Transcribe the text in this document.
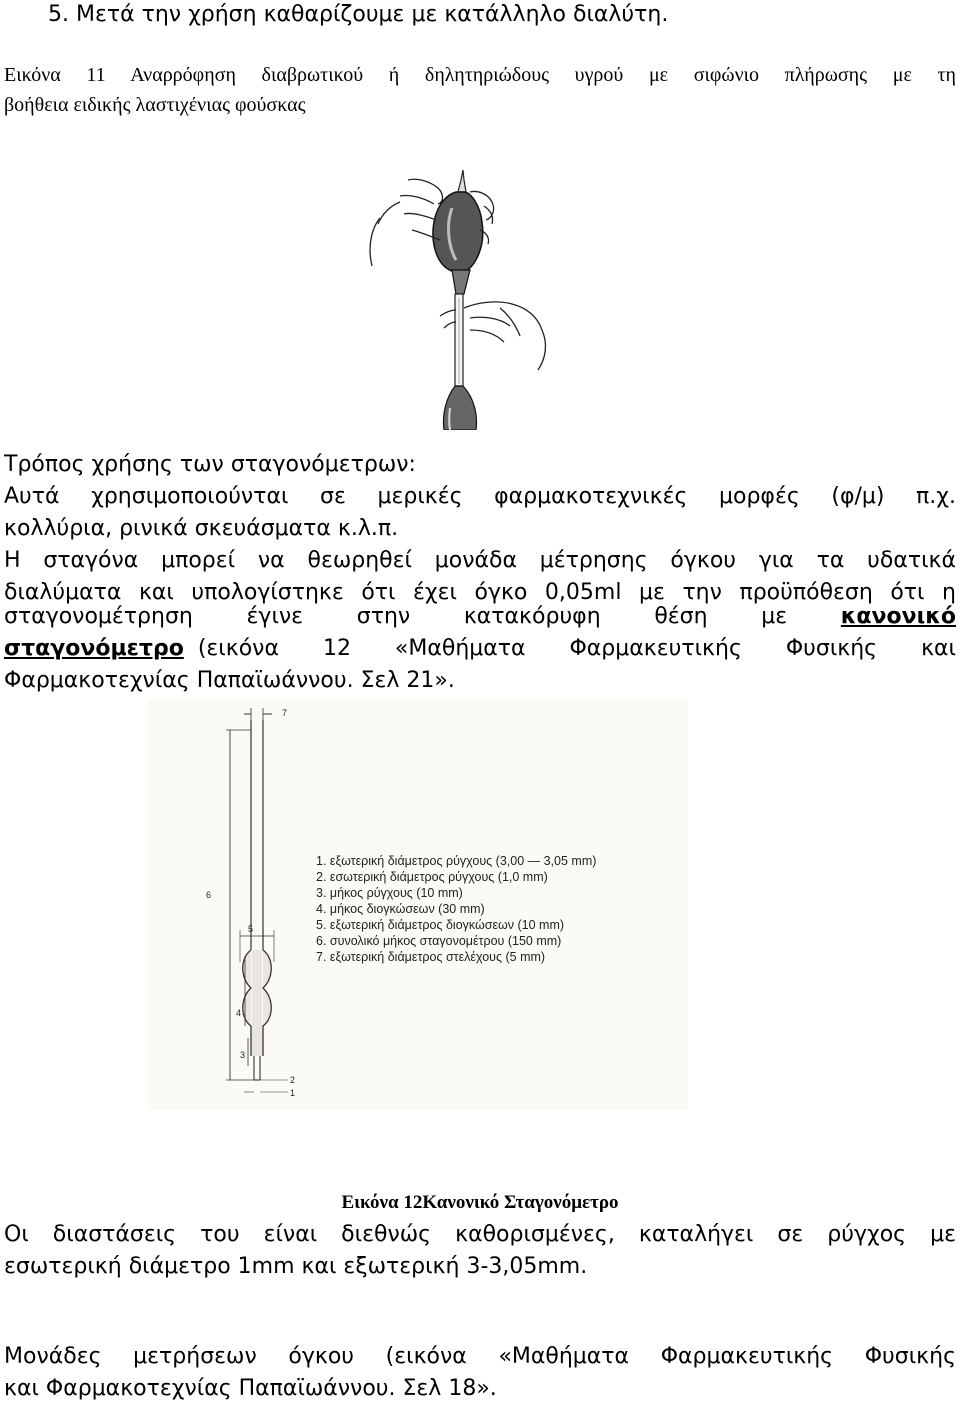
5. Μετά την χρήση καθαρίζουμε με κατάλληλο διαλύτη.
Εικόνα 11 Αναρρόφηση διαβρωτικού ή δηλητηριώδους υγρού με σιφώνιο πλήρωσης με τη
βοήθεια ειδικής λαστιχένιας φούσκας
Τρόπος χρήσης των σταγονόμετρων:
Αυτά χρησιμοποιούνται σε μερικές φαρμακοτεχνικές μορφές (φ/μ) π.χ.
κολλύρια, ρινικά σκευάσματα κ.λ.π.
Η σταγόνα μπορεί να θεωρηθεί μονάδα μέτρησης όγκου για τα υδατικά
διαλύματα και υπολογίστηκε ότι έχει όγκο 0,05ml με την προϋπόθεση ότι η
σταγονομέτρηση έγινε στην κατακόρυφη θέση με κανονικό
σταγονόμετρο (εικόνα 12 «Μαθήματα Φαρμακευτικής Φυσικής και
Φαρμακοτεχνίας Παπαϊωάννου. Σελ 21».
7
6
5
4
3
2
1
1. εξωτερική διάμετρος ρύγχους (3,00 — 3,05 mm)
2. εσωτερική διάμετρος ρύγχους (1,0 mm)
3. μήκος ρύγχους (10 mm)
4. μήκος διογκώσεων (30 mm)
5. εξωτερική διάμετρος διογκώσεων (10 mm)
6. συνολικό μήκος σταγονομέτρου (150 mm)
7. εξωτερική διάμετρος στελέχους (5 mm)
Εικόνα 12Κανονικό Σταγονόμετρο
Οι διαστάσεις του είναι διεθνώς καθορισμένες, καταλήγει σε ρύγχος με
εσωτερική διάμετρο 1mm και εξωτερική 3-3,05mm.
Μονάδες μετρήσεων όγκου (εικόνα «Μαθήματα Φαρμακευτικής Φυσικής
και Φαρμακοτεχνίας Παπαϊωάννου. Σελ 18».
